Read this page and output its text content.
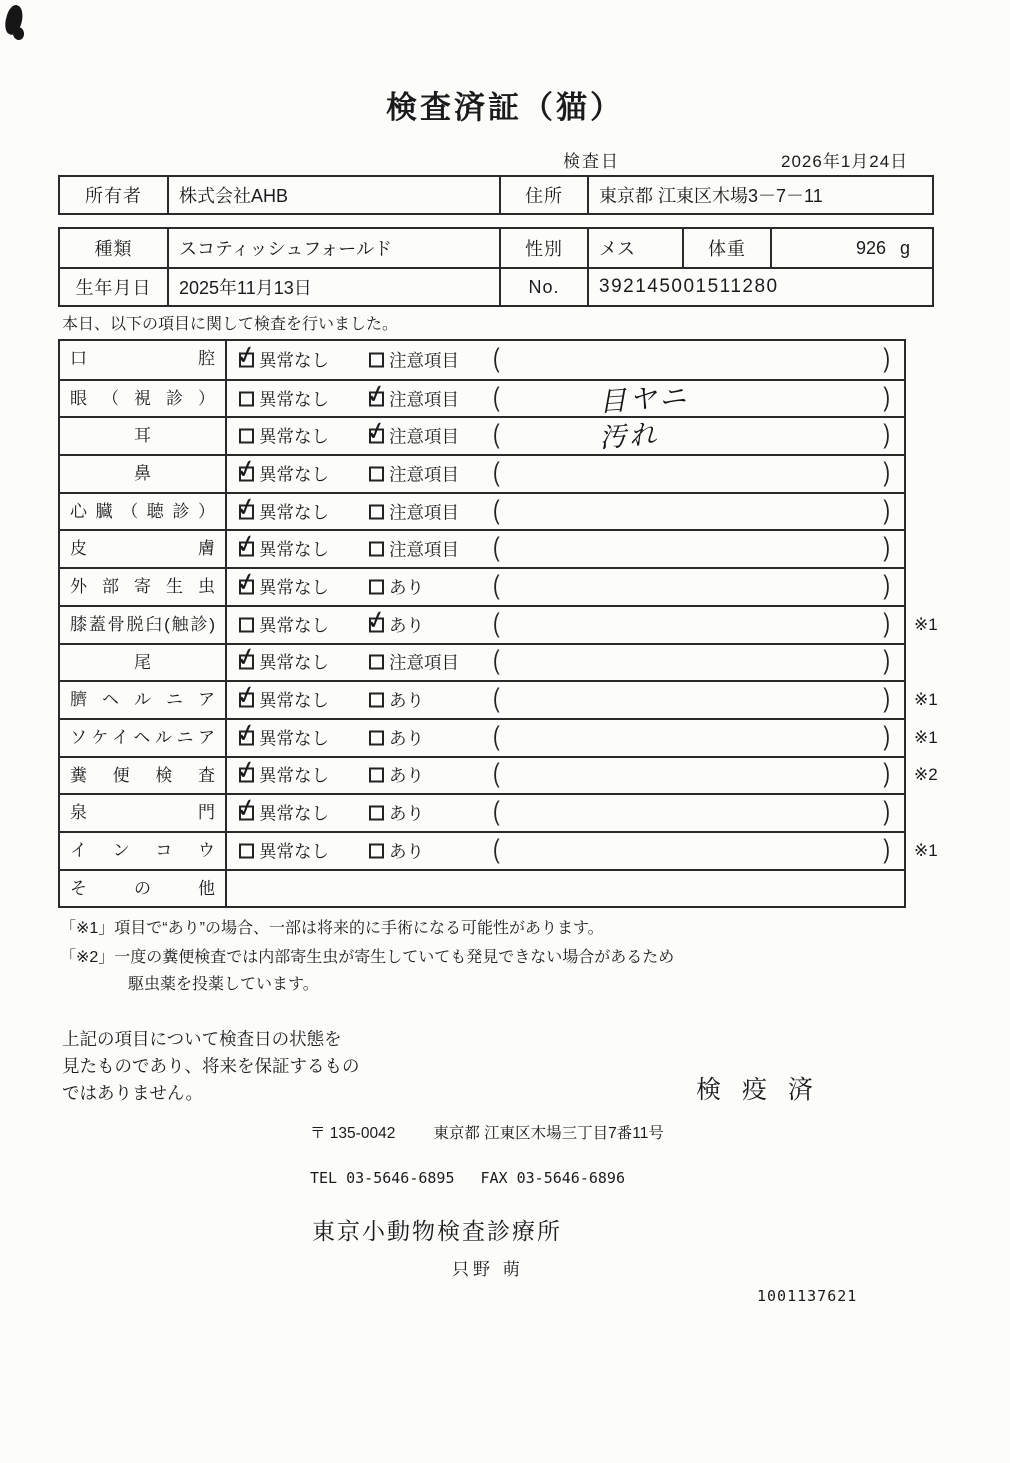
検査済証（猫）
検査日	2026年1月24日
所有者	株式会社AHB	住所	東京都 江東区木場3－7－11
種類	スコティッシュフォールド	性別	メス	体重	926 g
生年月日	2025年11月13日	No.	392145001511280
本日、以下の項目に関して検査を行いました。
口腔 ✓	異常なし	注意項目 (	)
眼（視診）	異常なし ✓	注意項目 (	目ヤニ	)
耳	異常なし ✓	注意項目 (	汚れ	)
鼻 ✓	異常なし	注意項目 (	)
心臓（聴診） ✓	異常なし	注意項目 (	)
皮膚 ✓	異常なし	注意項目 (	)
外部寄生虫 ✓	異常なし	あり	(	)
膝蓋骨脱臼(触診)	異常なし ✓	あり	(	) ※1
尾 ✓	異常なし	注意項目 (	)
臍ヘルニア ✓	異常なし	あり	(	) ※1
ソケイヘルニア ✓	異常なし	あり	(	) ※1
糞便検査 ✓	異常なし	あり	(	) ※2
泉門 ✓	異常なし	あり	(	)
インコウ	異常なし	あり	(	) ※1
その他
「※1」項目で“あり”の場合、一部は将来的に手術になる可能性があります。
「※2」一度の糞便検査では内部寄生虫が寄生していても発見できない場合があるため
駆虫薬を投薬しています。
上記の項目について検査日の状態を
見たものであり、将来を保証するもの
ではありません。	検 疫 済
〒 135-0042 東京都 江東区木場三丁目7番11号
TEL 03-5646-6895 FAX 03-5646-6896
東京小動物検査診療所
只野 萌
1001137621
